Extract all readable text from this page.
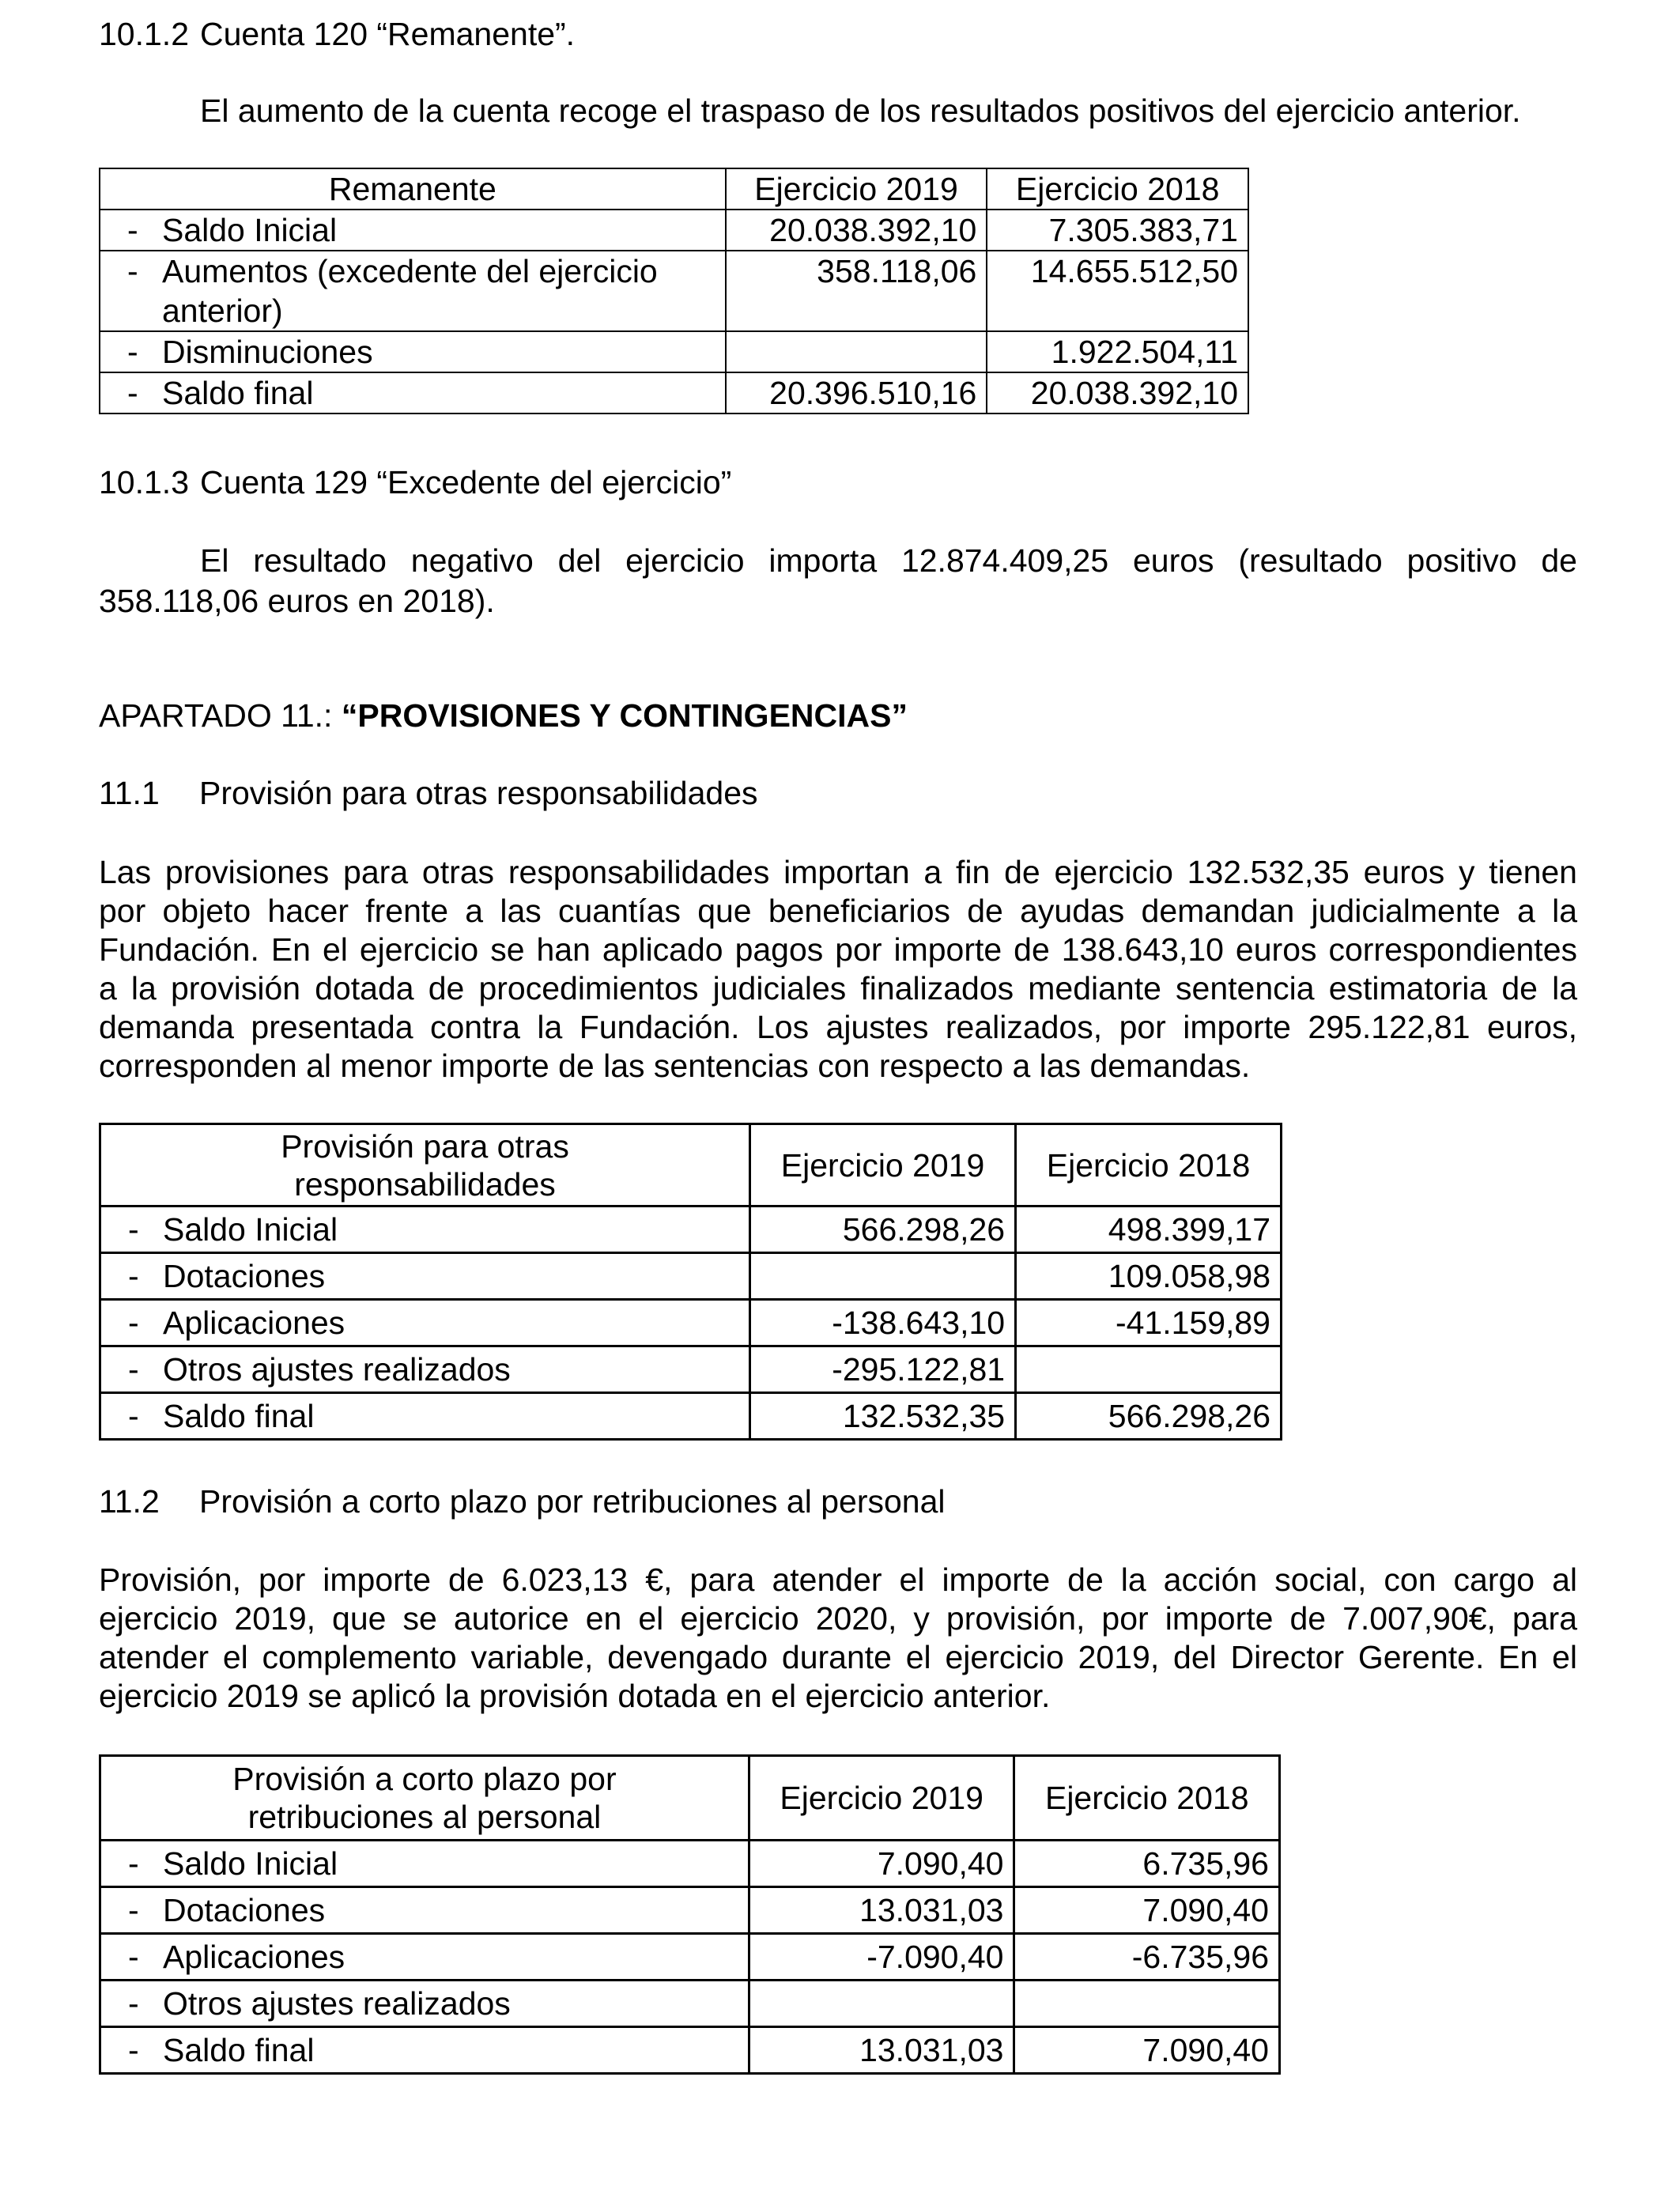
10.1.2 Cuenta 120 “Remanente”.
El aumento de la cuenta recoge el traspaso de los resultados positivos del ejercicio anterior.
Remanente	Ejercicio 2019	Ejercicio 2018
- Saldo Inicial	20.038.392,10	7.305.383,71

- Aumentos (excedente del ejercicio
anterior)	358.118,06	14.655.512,50
- Disminuciones		1.922.504,11
- Saldo final	20.396.510,16	20.038.392,10
10.1.3 Cuenta 129 “Excedente del ejercicio”
El resultado negativo del ejercicio importa 12.874.409,25 euros (resultado positivo de
358.118,06 euros en 2018).
APARTADO 11.: “PROVISIONES Y CONTINGENCIAS”
11.1 Provisión para otras responsabilidades
Las provisiones para otras responsabilidades importan a fin de ejercicio 132.532,35 euros y tienen
por objeto hacer frente a las cuantías que beneficiarios de ayudas demandan judicialmente a la
Fundación. En el ejercicio se han aplicado pagos por importe de 138.643,10 euros correspondientes
a la provisión dotada de procedimientos judiciales finalizados mediante sentencia estimatoria de la
demanda presentada contra la Fundación. Los ajustes realizados, por importe 295.122,81 euros,
corresponden al menor importe de las sentencias con respecto a las demandas.
Provisión para otras
responsabilidades	Ejercicio 2019	Ejercicio 2018
- Saldo Inicial	566.298,26	498.399,17
- Dotaciones		109.058,98
- Aplicaciones	-138.643,10	-41.159,89
- Otros ajustes realizados	-295.122,81	
- Saldo final	132.532,35	566.298,26
11.2 Provisión a corto plazo por retribuciones al personal
Provisión, por importe de 6.023,13 €, para atender el importe de la acción social, con cargo al
ejercicio 2019, que se autorice en el ejercicio 2020, y provisión, por importe de 7.007,90€, para
atender el complemento variable, devengado durante el ejercicio 2019, del Director Gerente. En el
ejercicio 2019 se aplicó la provisión dotada en el ejercicio anterior.
Provisión a corto plazo por
retribuciones al personal	Ejercicio 2019	Ejercicio 2018
- Saldo Inicial	7.090,40	6.735,96
- Dotaciones	13.031,03	7.090,40
- Aplicaciones	-7.090,40	-6.735,96
- Otros ajustes realizados		
- Saldo final	13.031,03	7.090,40
